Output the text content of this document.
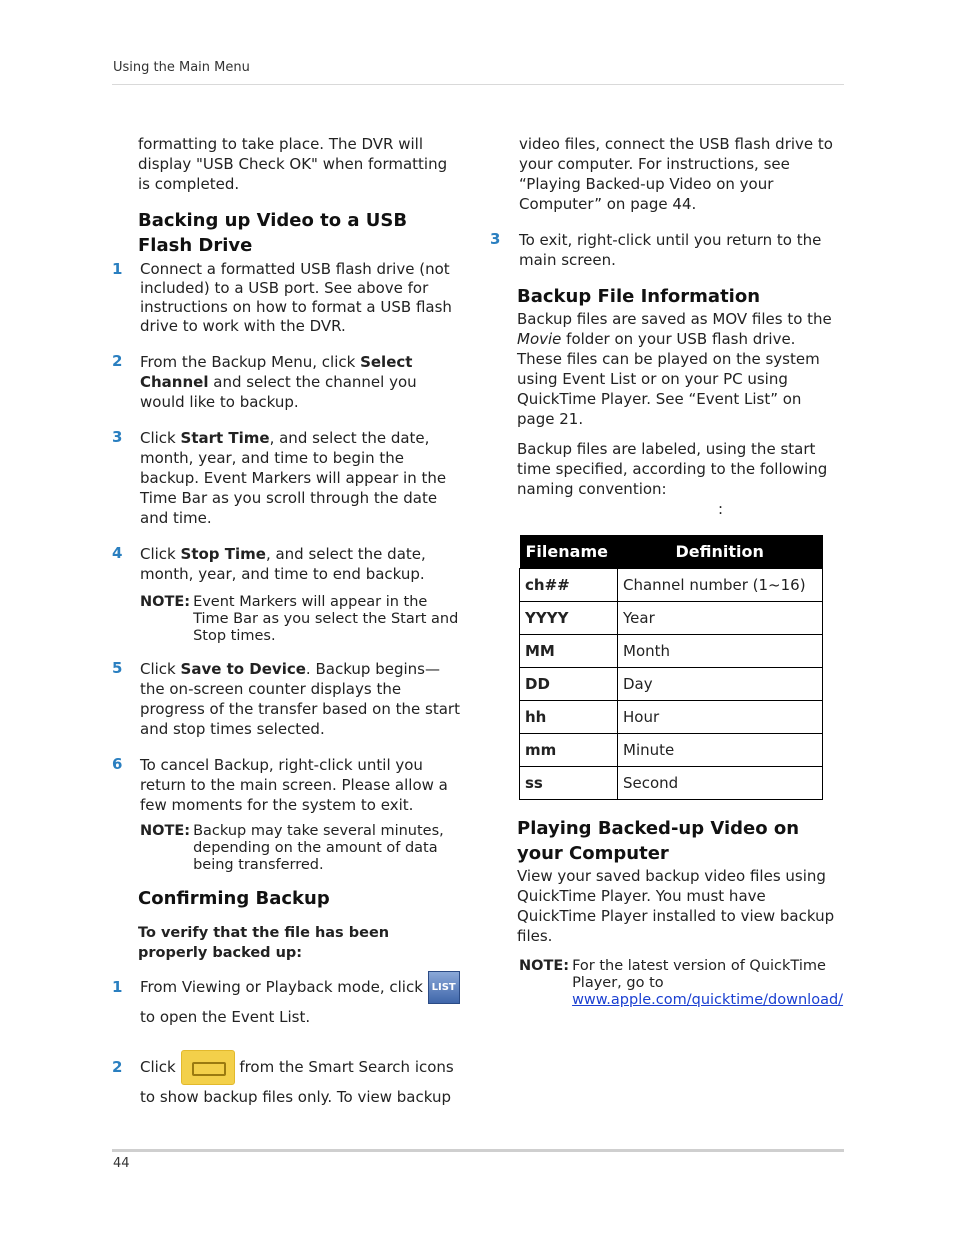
Using the Main Menu

formatting to take place. The DVR will display "USB Check OK" when formatting is completed.

Backing up Video to a USB Flash Drive
1	Connect a formatted USB flash drive (not included) to a USB port. See above for instructions on how to format a USB flash drive to work with the DVR.

2	From the Backup Menu, click Select Channel and select the channel you would like to backup.

3	Click Start Time, and select the date, month, year, and time to begin the backup. Event Markers will appear in the Time Bar as you scroll through the date and time.

4	Click Stop Time, and select the date, month, year, and time to end backup.

NOTE: Event Markers will appear in the Time Bar as you select the Start and Stop times.
5	Click Save to Device. Backup begins—the on-screen counter displays the progress of the transfer based on the start and stop times selected.

6	To cancel Backup, right-click until you return to the main screen. Please allow a few moments for the system to exit.

NOTE: Backup may take several minutes, depending on the amount of data being transferred.
Confirming Backup

To verify that the file has been properly backed up:

1	From Viewing or Playback mode, click LIST
to open the Event List.

2	Click	from the Smart Search icons to show backup files only. To view backup

video files, connect the USB flash drive to your computer. For instructions, see “Playing Backed-up Video on your Computer” on page 44.

3	To exit, right-click until you return to the main screen.

Backup File Information

Backup files are saved as MOV files to the Movie folder on your USB flash drive. These files can be played on the system using Event List or on your PC using QuickTime Player. See “Event List” on page 21.

Backup files are labeled, using the start time specified, according to the following naming convention:

:

Filename	Definition
ch##	Channel number (1~16)
YYYY	Year
MM	Month
DD	Day
hh	Hour
mm	Minute
ss	Second
Playing Backed-up Video on your Computer

View your saved backup video files using QuickTime Player. You must have QuickTime Player installed to view backup files.

NOTE: For the latest version of QuickTime Player, go to www.apple.com/quicktime/download/
44
